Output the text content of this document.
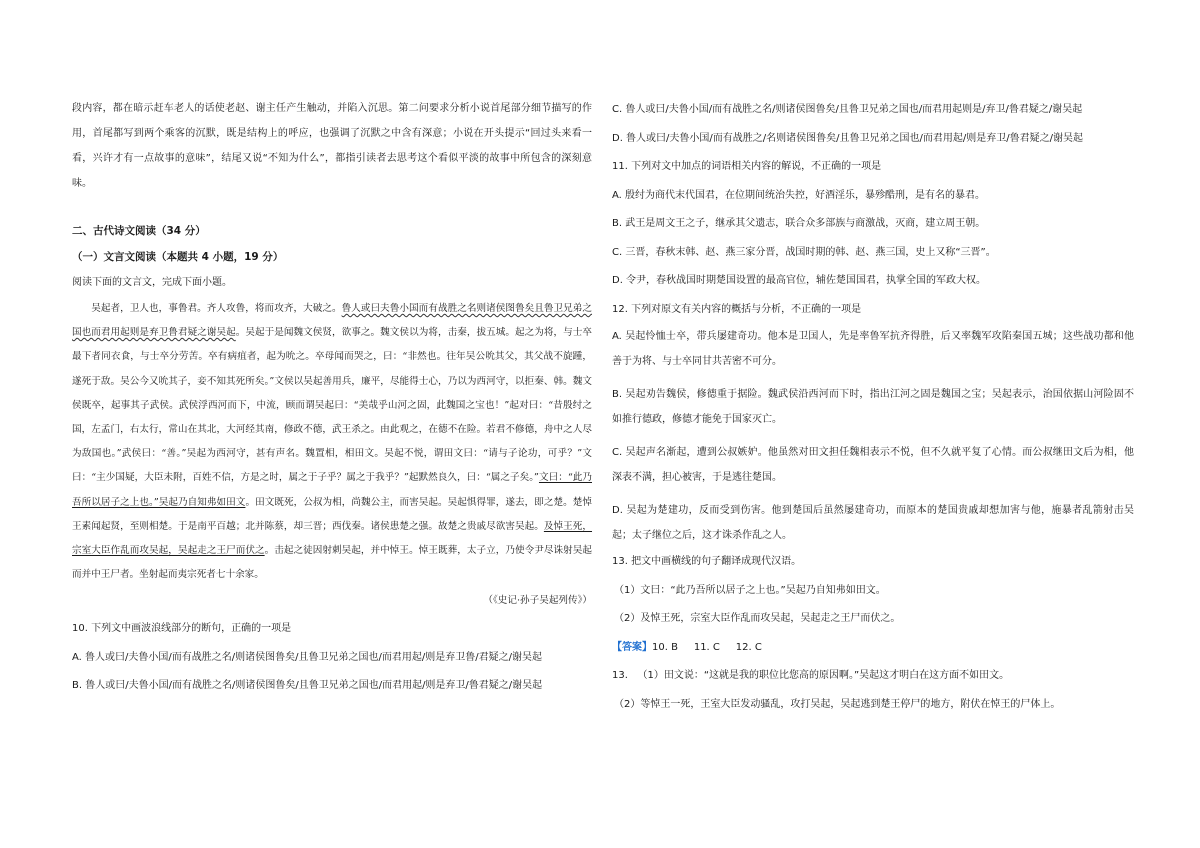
段内容，都在暗示赶车老人的话使老赵、谢主任产生触动，并陷入沉思。第二问要求分析小说首尾部分细节描写的作用，首尾都写到两个乘客的沉默，既是结构上的呼应，也强调了沉默之中含有深意；小说在开头提示“回过头来看一看，兴许才有一点故事的意味”，结尾又说“不知为什么”，都指引读者去思考这个看似平淡的故事中所包含的深刻意味。

二、古代诗文阅读（34 分）

（一）文言文阅读（本题共 4 小题，19 分）

阅读下面的文言文，完成下面小题。

吴起者，卫人也，事鲁君。齐人攻鲁，将而攻齐，大破之。鲁人或曰夫鲁小国而有战胜之名则诸侯图鲁矣且鲁卫兄弟之国也而君用起则是弃卫鲁君疑之谢吴起。吴起于是闻魏文侯贤，欲事之。魏文侯以为将，击秦，拔五城。起之为将，与士卒最下者同衣食，与士卒分劳苦。卒有病疽者，起为吮之。卒母闻而哭之，曰：“非然也。往年吴公吮其父，其父战不旋踵，遂死于敌。吴公今又吮其子，妾不知其死所矣。”文侯以吴起善用兵，廉平，尽能得士心，乃以为西河守，以拒秦、韩。魏文侯既卒，起事其子武侯。武侯浮西河而下，中流，顾而谓吴起曰：“美哉乎山河之固，此魏国之宝也！”起对曰：“昔殷纣之国，左孟门，右太行，常山在其北，大河经其南，修政不德，武王杀之。由此观之，在德不在险。若君不修德，舟中之人尽为敌国也。”武侯曰：“善。”吴起为西河守，甚有声名。魏置相，相田文。吴起不悦，谓田文曰：“请与子论功，可乎？”文曰：“主少国疑，大臣未附，百姓不信，方是之时，属之于子乎？属之于我乎？”起默然良久，曰：“属之子矣。”文曰：“此乃吾所以居子之上也。”吴起乃自知弗如田文。田文既死，公叔为相，尚魏公主，而害吴起。吴起惧得罪，遂去，即之楚。楚悼王素闻起贤，至则相楚。于是南平百越；北并陈蔡，却三晋；西伐秦。诸侯患楚之强。故楚之贵戚尽欲害吴起。及悼王死，宗室大臣作乱而攻吴起，吴起走之王尸而伏之。击起之徒因射刺吴起，并中悼王。悼王既葬，太子立，乃使令尹尽诛射吴起而并中王尸者。坐射起而夷宗死者七十余家。

（《史记·孙子吴起列传》）

10. 下列文中画波浪线部分的断句，正确的一项是

A. 鲁人或曰/夫鲁小国/而有战胜之名/则诸侯图鲁矣/且鲁卫兄弟之国也/而君用起/则是弃卫鲁/君疑之/谢吴起

B. 鲁人或曰/夫鲁小国/而有战胜之名/则诸侯图鲁矣/且鲁卫兄弟之国也/而君用起/则是弃卫/鲁君疑之/谢吴起

C. 鲁人或曰/夫鲁小国/而有战胜之名/则诸侯图鲁矣/且鲁卫兄弟之国也/而君用起则是/弃卫/鲁君疑之/谢吴起

D. 鲁人或曰/夫鲁小国/而有战胜之/名则诸侯图鲁矣/且鲁卫兄弟之国也/而君用起/则是弃卫/鲁君疑之/谢吴起

11. 下列对文中加点的词语相关内容的解说，不正确的一项是

A. 殷纣为商代末代国君，在位期间统治失控，好酒淫乐，暴殄酷刑，是有名的暴君。

B. 武王是周文王之子，继承其父遗志，联合众多部族与商激战，灭商，建立周王朝。

C. 三晋，春秋末韩、赵、燕三家分晋，战国时期的韩、赵、燕三国，史上又称“三晋”。

D. 令尹，春秋战国时期楚国设置的最高官位，辅佐楚国国君，执掌全国的军政大权。

12. 下列对原文有关内容的概括与分析，不正确的一项是

A. 吴起怜恤士卒，带兵屡建奇功。他本是卫国人，先是率鲁军抗齐得胜，后又率魏军攻陷秦国五城；这些战功都和他善于为将、与士卒同甘共苦密不可分。

B. 吴起劝告魏侯，修德重于据险。魏武侯沿西河而下时，指出江河之固是魏国之宝；吴起表示，治国依据山河险固不如推行德政，修德才能免于国家灭亡。

C. 吴起声名渐起，遭到公叔嫉妒。他虽然对田文担任魏相表示不悦，但不久就平复了心情。而公叔继田文后为相，他深表不满，担心被害，于是逃往楚国。

D. 吴起为楚建功，反而受到伤害。他到楚国后虽然屡建奇功，而原本的楚国贵戚却想加害与他，施暴者乱箭射击吴起；太子继位之后，这才诛杀作乱之人。

13. 把文中画横线的句子翻译成现代汉语。

（1）文曰：“此乃吾所以居子之上也。”吴起乃自知弗如田文。

（2）及悼王死，宗室大臣作乱而攻吴起，吴起走之王尸而伏之。

【答案】10. B     11. C     12. C

13. （1）田文说：“这就是我的职位比您高的原因啊。”吴起这才明白在这方面不如田文。

（2）等悼王一死，王室大臣发动骚乱，攻打吴起，吴起逃到楚王停尸的地方，附伏在悼王的尸体上。
